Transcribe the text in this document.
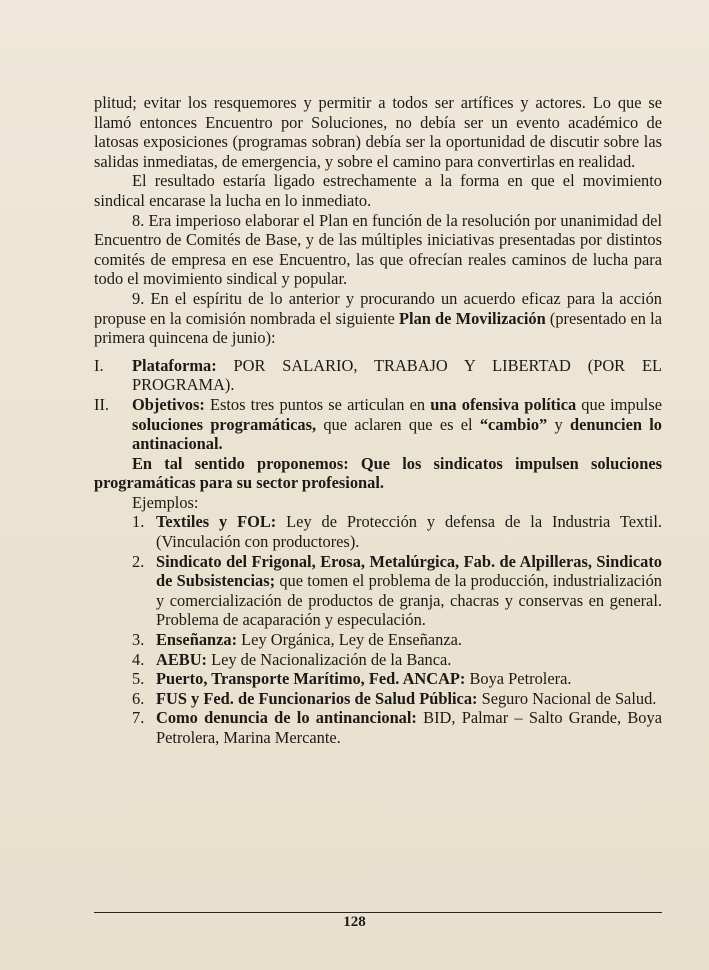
plitud; evitar los resquemores y permitir a todos ser artífices y actores. Lo que se llamó entonces Encuentro por Soluciones, no debía ser un evento académico de latosas exposiciones (programas sobran) debía ser la oportunidad de discutir sobre las salidas inmediatas, de emergencia, y sobre el camino para convertirlas en realidad.

El resultado estaría ligado estrechamente a la forma en que el movimiento sindical encarase la lucha en lo inmediato.

8. Era imperioso elaborar el Plan en función de la resolución por unanimidad del Encuentro de Comités de Base, y de las múltiples iniciativas presentadas por distintos comités de empresa en ese Encuentro, las que ofrecían reales caminos de lucha para todo el movimiento sindical y popular.

9. En el espíritu de lo anterior y procurando un acuerdo eficaz para la acción propuse en la comisión nombrada el siguiente Plan de Movilización (presentado en la primera quincena de junio):

I. Plataforma: POR SALARIO, TRABAJO Y LIBERTAD (POR EL PROGRAMA).

II. Objetivos: Estos tres puntos se articulan en una ofensiva política que impulse soluciones programáticas, que aclaren que es el “cambio” y denuncien lo antinacional.

En tal sentido proponemos: Que los sindicatos impulsen soluciones programáticas para su sector profesional.

Ejemplos:

1. Textiles y FOL: Ley de Protección y defensa de la Industria Textil. (Vinculación con productores).

2. Sindicato del Frigonal, Erosa, Metalúrgica, Fab. de Alpilleras, Sindicato de Subsistencias; que tomen el problema de la producción, industrialización y comercialización de productos de granja, chacras y conservas en general. Problema de acaparación y especulación.

3. Enseñanza: Ley Orgánica, Ley de Enseñanza.

4. AEBU: Ley de Nacionalización de la Banca.

5. Puerto, Transporte Marítimo, Fed. ANCAP: Boya Petrolera.

6. FUS y Fed. de Funcionarios de Salud Pública: Seguro Nacional de Salud.

7. Como denuncia de lo antinancional: BID, Palmar – Salto Grande, Boya Petrolera, Marina Mercante.

128
